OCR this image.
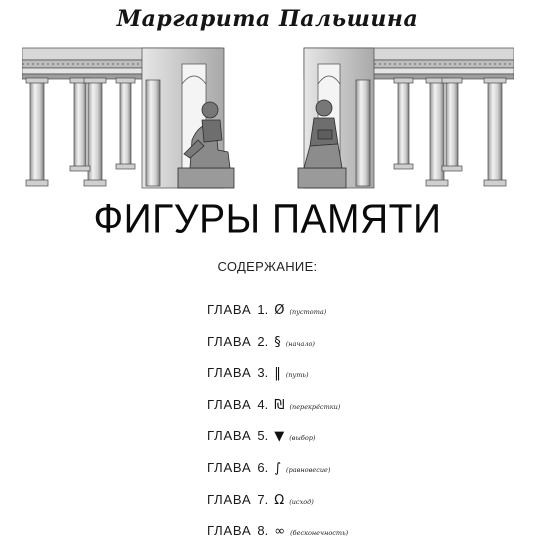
Маргарита Пальшина
ФИГУРЫ ПАМЯТИ
СОДЕРЖАНИЕ:
ГЛАВА 1. Ø (пустота)
ГЛАВА 2. § (начало)
ГЛАВА 3. ‖ (путь)
ГЛАВА 4. ₪ (перекрёстки)
ГЛАВА 5. ▼ (выбор)
ГЛАВА 6. ∫ (равновесие)
ГЛАВА 7. Ω (исход)
ГЛАВА 8. ∞ (бесконечность)
